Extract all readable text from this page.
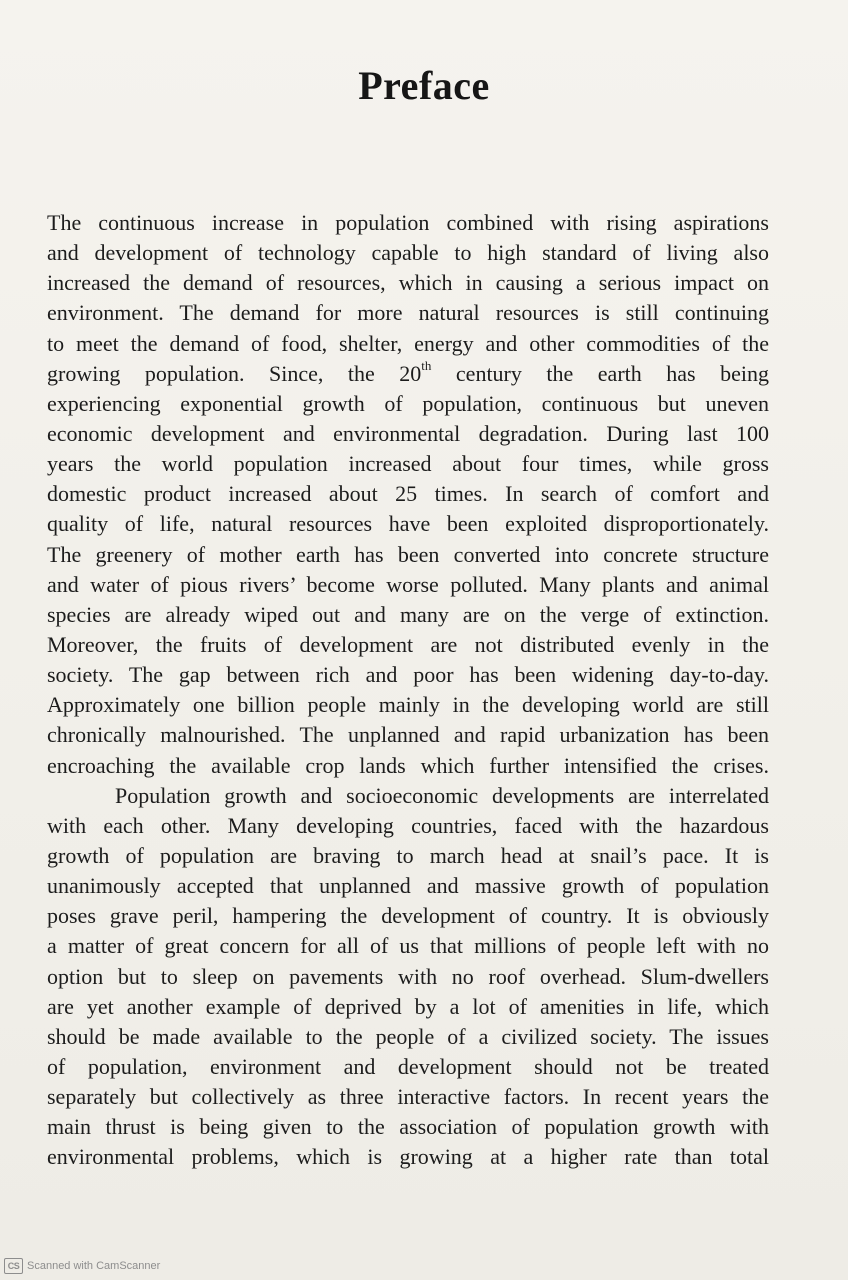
Preface
The continuous increase in population combined with rising aspirations
and development of technology capable to high standard of living also
increased the demand of resources, which in causing a serious impact on
environment. The demand for more natural resources is still continuing
to meet the demand of food, shelter, energy and other commodities of the
growing population. Since, the 20th century the earth has being
experiencing exponential growth of population, continuous but uneven
economic development and environmental degradation. During last 100
years the world population increased about four times, while gross
domestic product increased about 25 times. In search of comfort and
quality of life, natural resources have been exploited disproportionately.
The greenery of mother earth has been converted into concrete structure
and water of pious rivers’ become worse polluted. Many plants and animal
species are already wiped out and many are on the verge of extinction.
Moreover, the fruits of development are not distributed evenly in the
society. The gap between rich and poor has been widening day-to-day.
Approximately one billion people mainly in the developing world are still
chronically malnourished. The unplanned and rapid urbanization has been
encroaching the available crop lands which further intensified the crises.
Population growth and socioeconomic developments are interrelated
with each other. Many developing countries, faced with the hazardous
growth of population are braving to march head at snail’s pace. It is
unanimously accepted that unplanned and massive growth of population
poses grave peril, hampering the development of country. It is obviously
a matter of great concern for all of us that millions of people left with no
option but to sleep on pavements with no roof overhead. Slum-dwellers
are yet another example of deprived by a lot of amenities in life, which
should be made available to the people of a civilized society. The issues
of population, environment and development should not be treated
separately but collectively as three interactive factors. In recent years the
main thrust is being given to the association of population growth with
environmental problems, which is growing at a higher rate than total
CS Scanned with CamScanner
